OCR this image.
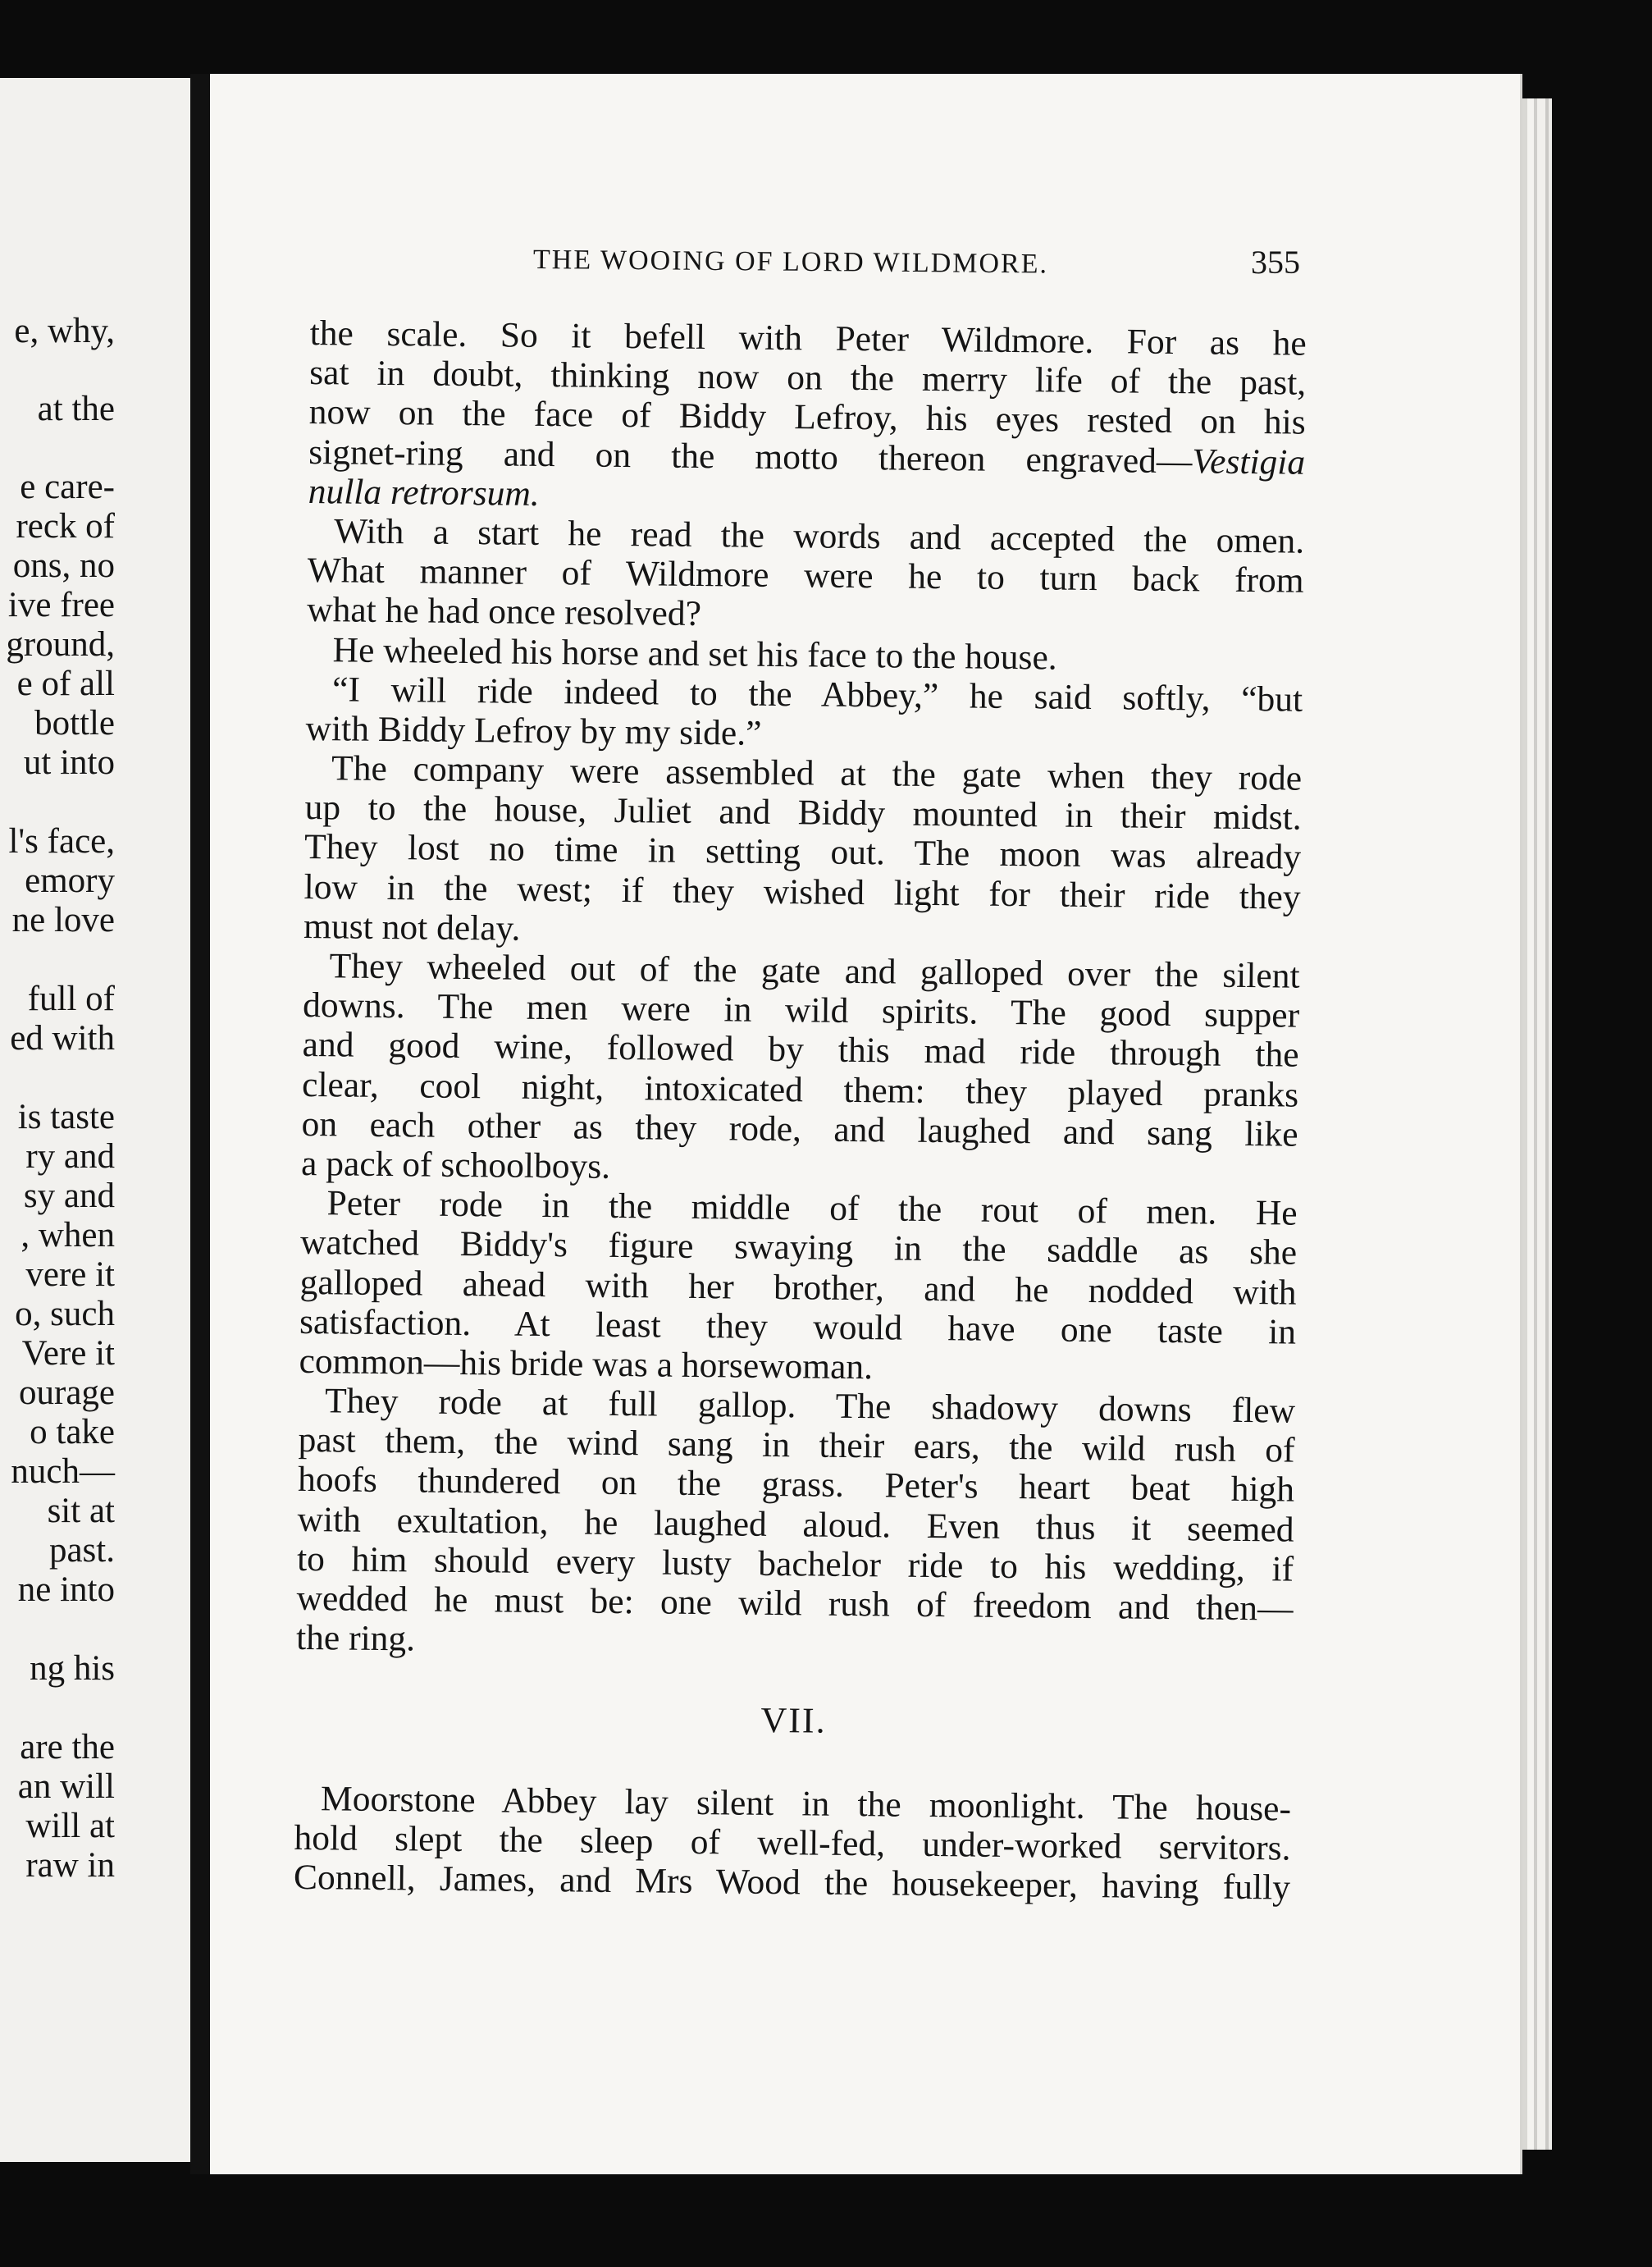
e, why,
at the
e care-
reck of
ons, no
ive free
ground,
e of all
bottle
ut into
l's face,
emory
ne love
full of
ed with
is taste
ry and
sy and
, when
vere it
o, such
Vere it
ourage
o take
nuch—
sit at
past.
ne into
ng his
are the
an will
will at
raw in
THE WOOING OF LORD WILDMORE.	355
the scale. So it befell with Peter Wildmore. For as he
sat in doubt, thinking now on the merry life of the past,
now on the face of Biddy Lefroy, his eyes rested on his
signet-ring and on the motto thereon engraved—Vestigia
nulla retrorsum.
With a start he read the words and accepted the omen.
What manner of Wildmore were he to turn back from
what he had once resolved?
He wheeled his horse and set his face to the house.
“I will ride indeed to the Abbey,” he said softly, “but
with Biddy Lefroy by my side.”
The company were assembled at the gate when they rode
up to the house, Juliet and Biddy mounted in their midst.
They lost no time in setting out. The moon was already
low in the west; if they wished light for their ride they
must not delay.
They wheeled out of the gate and galloped over the silent
downs. The men were in wild spirits. The good supper
and good wine, followed by this mad ride through the
clear, cool night, intoxicated them: they played pranks
on each other as they rode, and laughed and sang like
a pack of schoolboys.
Peter rode in the middle of the rout of men. He
watched Biddy's figure swaying in the saddle as she
galloped ahead with her brother, and he nodded with
satisfaction. At least they would have one taste in
common—his bride was a horsewoman.
They rode at full gallop. The shadowy downs flew
past them, the wind sang in their ears, the wild rush of
hoofs thundered on the grass. Peter's heart beat high
with exultation, he laughed aloud. Even thus it seemed
to him should every lusty bachelor ride to his wedding, if
wedded he must be: one wild rush of freedom and then—
the ring.
VII.
Moorstone Abbey lay silent in the moonlight. The house-
hold slept the sleep of well-fed, under-worked servitors.
Connell, James, and Mrs Wood the housekeeper, having fully
